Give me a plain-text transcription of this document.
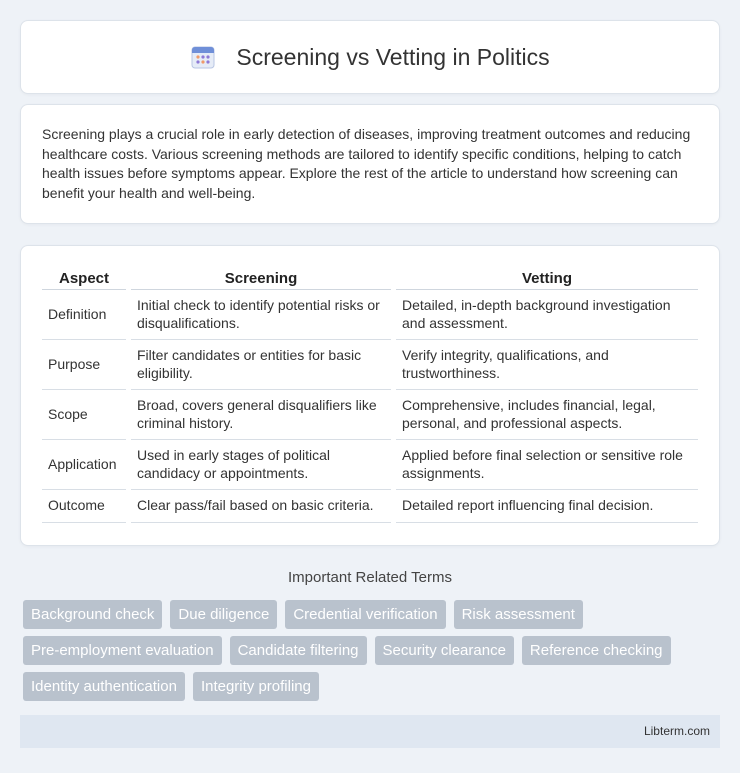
Screening vs Vetting in Politics

Screening plays a crucial role in early detection of diseases, improving treatment outcomes and reducing healthcare costs. Various screening methods are tailored to identify specific conditions, helping to catch health issues before symptoms appear. Explore the rest of the article to understand how screening can benefit your health and well-being.

Aspect	Screening	Vetting
Definition	Initial check to identify potential risks or disqualifications.	Detailed, in-depth background investigation and assessment.
Purpose	Filter candidates or entities for basic eligibility.	Verify integrity, qualifications, and trustworthiness.
Scope	Broad, covers general disqualifiers like criminal history.	Comprehensive, includes financial, legal, personal, and professional aspects.
Application	Used in early stages of political candidacy or appointments.	Applied before final selection or sensitive role assignments.
Outcome	Clear pass/fail based on basic criteria.	Detailed report influencing final decision.
Important Related Terms
Background check	Due diligence	Credential verification	Risk assessment
Pre-employment evaluation	Candidate filtering	Security clearance	Reference checking
Identity authentication	Integrity profiling
Libterm.com
